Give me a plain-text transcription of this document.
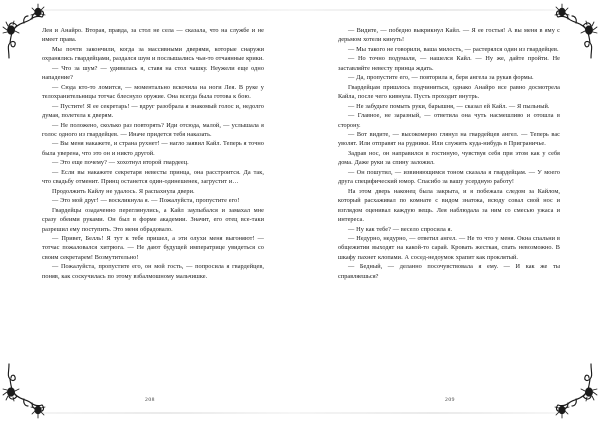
Лея и Анайро. Вторая, правда, за стол не села — сказала, что на службе и не имеет права.

Мы почти закончили, когда за массивными дверями, которые снаружи охранялись гвардейцами, раздался шум и послышались чьи-то отчаянные крики.

— Что за шум? — удивилась я, ставя на стол чашку. Неужели еще одно нападение?

— Сюда кто-то ломится, — моментально вскочила на ноги Лея. В руке у телохранительницы тотчас блеснуло оружие. Она всегда была готова к бою.

— Пустите! Я ее секретарь! — вдруг разобрала я знакомый голос и, недолго думая, полетела к дверям.

— Не положено, сколько раз повторять? Иди отсюда, малой, — услышала я голос одного из гвардейцев. — Иначе придется тебя наказать.

— Вы меня накажете, и страна рухнет! — нагло заявил Кайл. Теперь я точно была уверена, что это он и никто другой.

— Это еще почему? — хохотнул второй гвардеец.

— Если вы накажете секретаря невесты принца, она расстроится. Да так, что свадьбу отменит. Принц останется один-одинешенек, загрустит и…

Продолжить Кайлу не удалось. Я распахнула двери.

— Это мой друг! — воскликнула я. — Пожалуйста, пропустите его!

Гвардейцы озадаченно переглянулись, а Кайл заулыбался и замахал мне сразу обеими руками. Он был в форме академии. Значит, его отец все-таки разрешил ему поступить. Это меня обрадовало.

— Привет, Белль! Я тут к тебе пришел, а эти олухи меня выгоняют! — тотчас пожаловался хитрюга. — Не дают будущей императрице увидеться со своим секретарем! Возмутительно!

— Пожалуйста, пропустите его, он мой гость, — попросила я гвардейцев, поняв, как соскучилась по этому взбалмошному мальчишке.

208

— Видите, — победно выкрикнул Кайл. — Я ее гостья! А вы меня в яму с дерьмом хотели кинуть!

— Мы такого не говорили, ваша милость, — растерялся один из гвардейцев.

— Но точно подумали, — нашелся Кайл. — Ну же, дайте пройти. Не заставляйте невесту принца ждать.

— Да, пропустите его, — повторила я, беря ангела за рукав формы.

Гвардейцам пришлось подчиниться, однако Анайро все равно досмотрела Кайла, после чего кивнула. Пусть проходит внутрь.

— Не забудьте помыть руки, барышня, — сказал ей Кайл. — Я пыльный.

— Главное, не заразный, — ответила она чуть насмешливо и отошла в сторону.

— Вот видите, — высокомерно глянул на гвардейцев ангел. — Теперь вас уволят. Или отправят на рудники. Или служить куда-нибудь в Приграничье.

Задрав нос, он направился в гостиную, чувствуя себя при этом как у себя дома. Даже руки за спину заложил.

— Он пошутил, — извиняющимся тоном сказала я гвардейцам. — У моего друга специфический юмор. Спасибо за вашу усердную работу!

На этом дверь наконец была закрыта, и я побежала следом за Кайлом, который расхаживал по комнате с видом знатока, всюду совал свой нос и взглядом оценивал каждую вещь. Лея наблюдала за ним со смесью ужаса и интереса.

— Ну как тебе? — весело спросила я.

— Недурно, недурно, — ответил ангел. — Не то что у меня. Окна спальни в общежитии выходят на какой-то сарай. Кровать жесткая, спать невозможно. В шкафу пахнет клопами. А сосед-недоумок храпит как проклятый.

— Бедный, — деланно посочувствовала я ему. — И как же ты справляешься?

209
